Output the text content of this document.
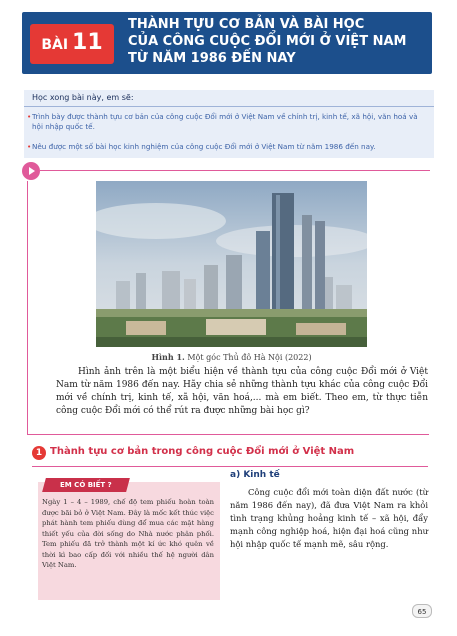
BÀI 11
THÀNH TỰU CƠ BẢN VÀ BÀI HỌC
CỦA CÔNG CUỘC ĐỔI MỚI Ở VIỆT NAM
TỪ NĂM 1986 ĐẾN NAY
Học xong bài này, em sẽ:
• Trình bày được thành tựu cơ bản của công cuộc Đổi mới ở Việt Nam về chính trị, kinh tế, xã hội, văn hoá và hội nhập quốc tế.
• Nêu được một số bài học kinh nghiệm của công cuộc Đổi mới ở Việt Nam từ năm 1986 đến nay.
Hình 1. Một góc Thủ đô Hà Nội (2022)
Hình ảnh trên là một biểu hiện về thành tựu của công cuộc Đổi mới ở Việt Nam từ năm 1986 đến nay. Hãy chia sẻ những thành tựu khác của công cuộc Đổi mới về chính trị, kinh tế, xã hội, văn hoá,... mà em biết. Theo em, từ thực tiễn công cuộc Đổi mới có thể rút ra được những bài học gì?
1 Thành tựu cơ bản trong công cuộc Đổi mới ở Việt Nam
EM CÓ BIẾT ?
Ngày 1 – 4 – 1989, chế độ tem phiếu hoàn toàn được bãi bỏ ở Việt Nam. Đây là mốc kết thúc việc phát hành tem phiếu dùng để mua các mặt hàng thiết yếu của đời sống do Nhà nước phân phối. Tem phiếu đã trở thành một kí ức khó quên về thời kì bao cấp đối với nhiều thế hệ người dân Việt Nam.
a) Kinh tế
Công cuộc đổi mới toàn diện đất nước (từ năm 1986 đến nay), đã đưa Việt Nam ra khỏi tình trạng khủng hoảng kinh tế – xã hội, đẩy mạnh công nghiệp hoá, hiện đại hoá cũng như hội nhập quốc tế mạnh mẽ, sâu rộng.
65
